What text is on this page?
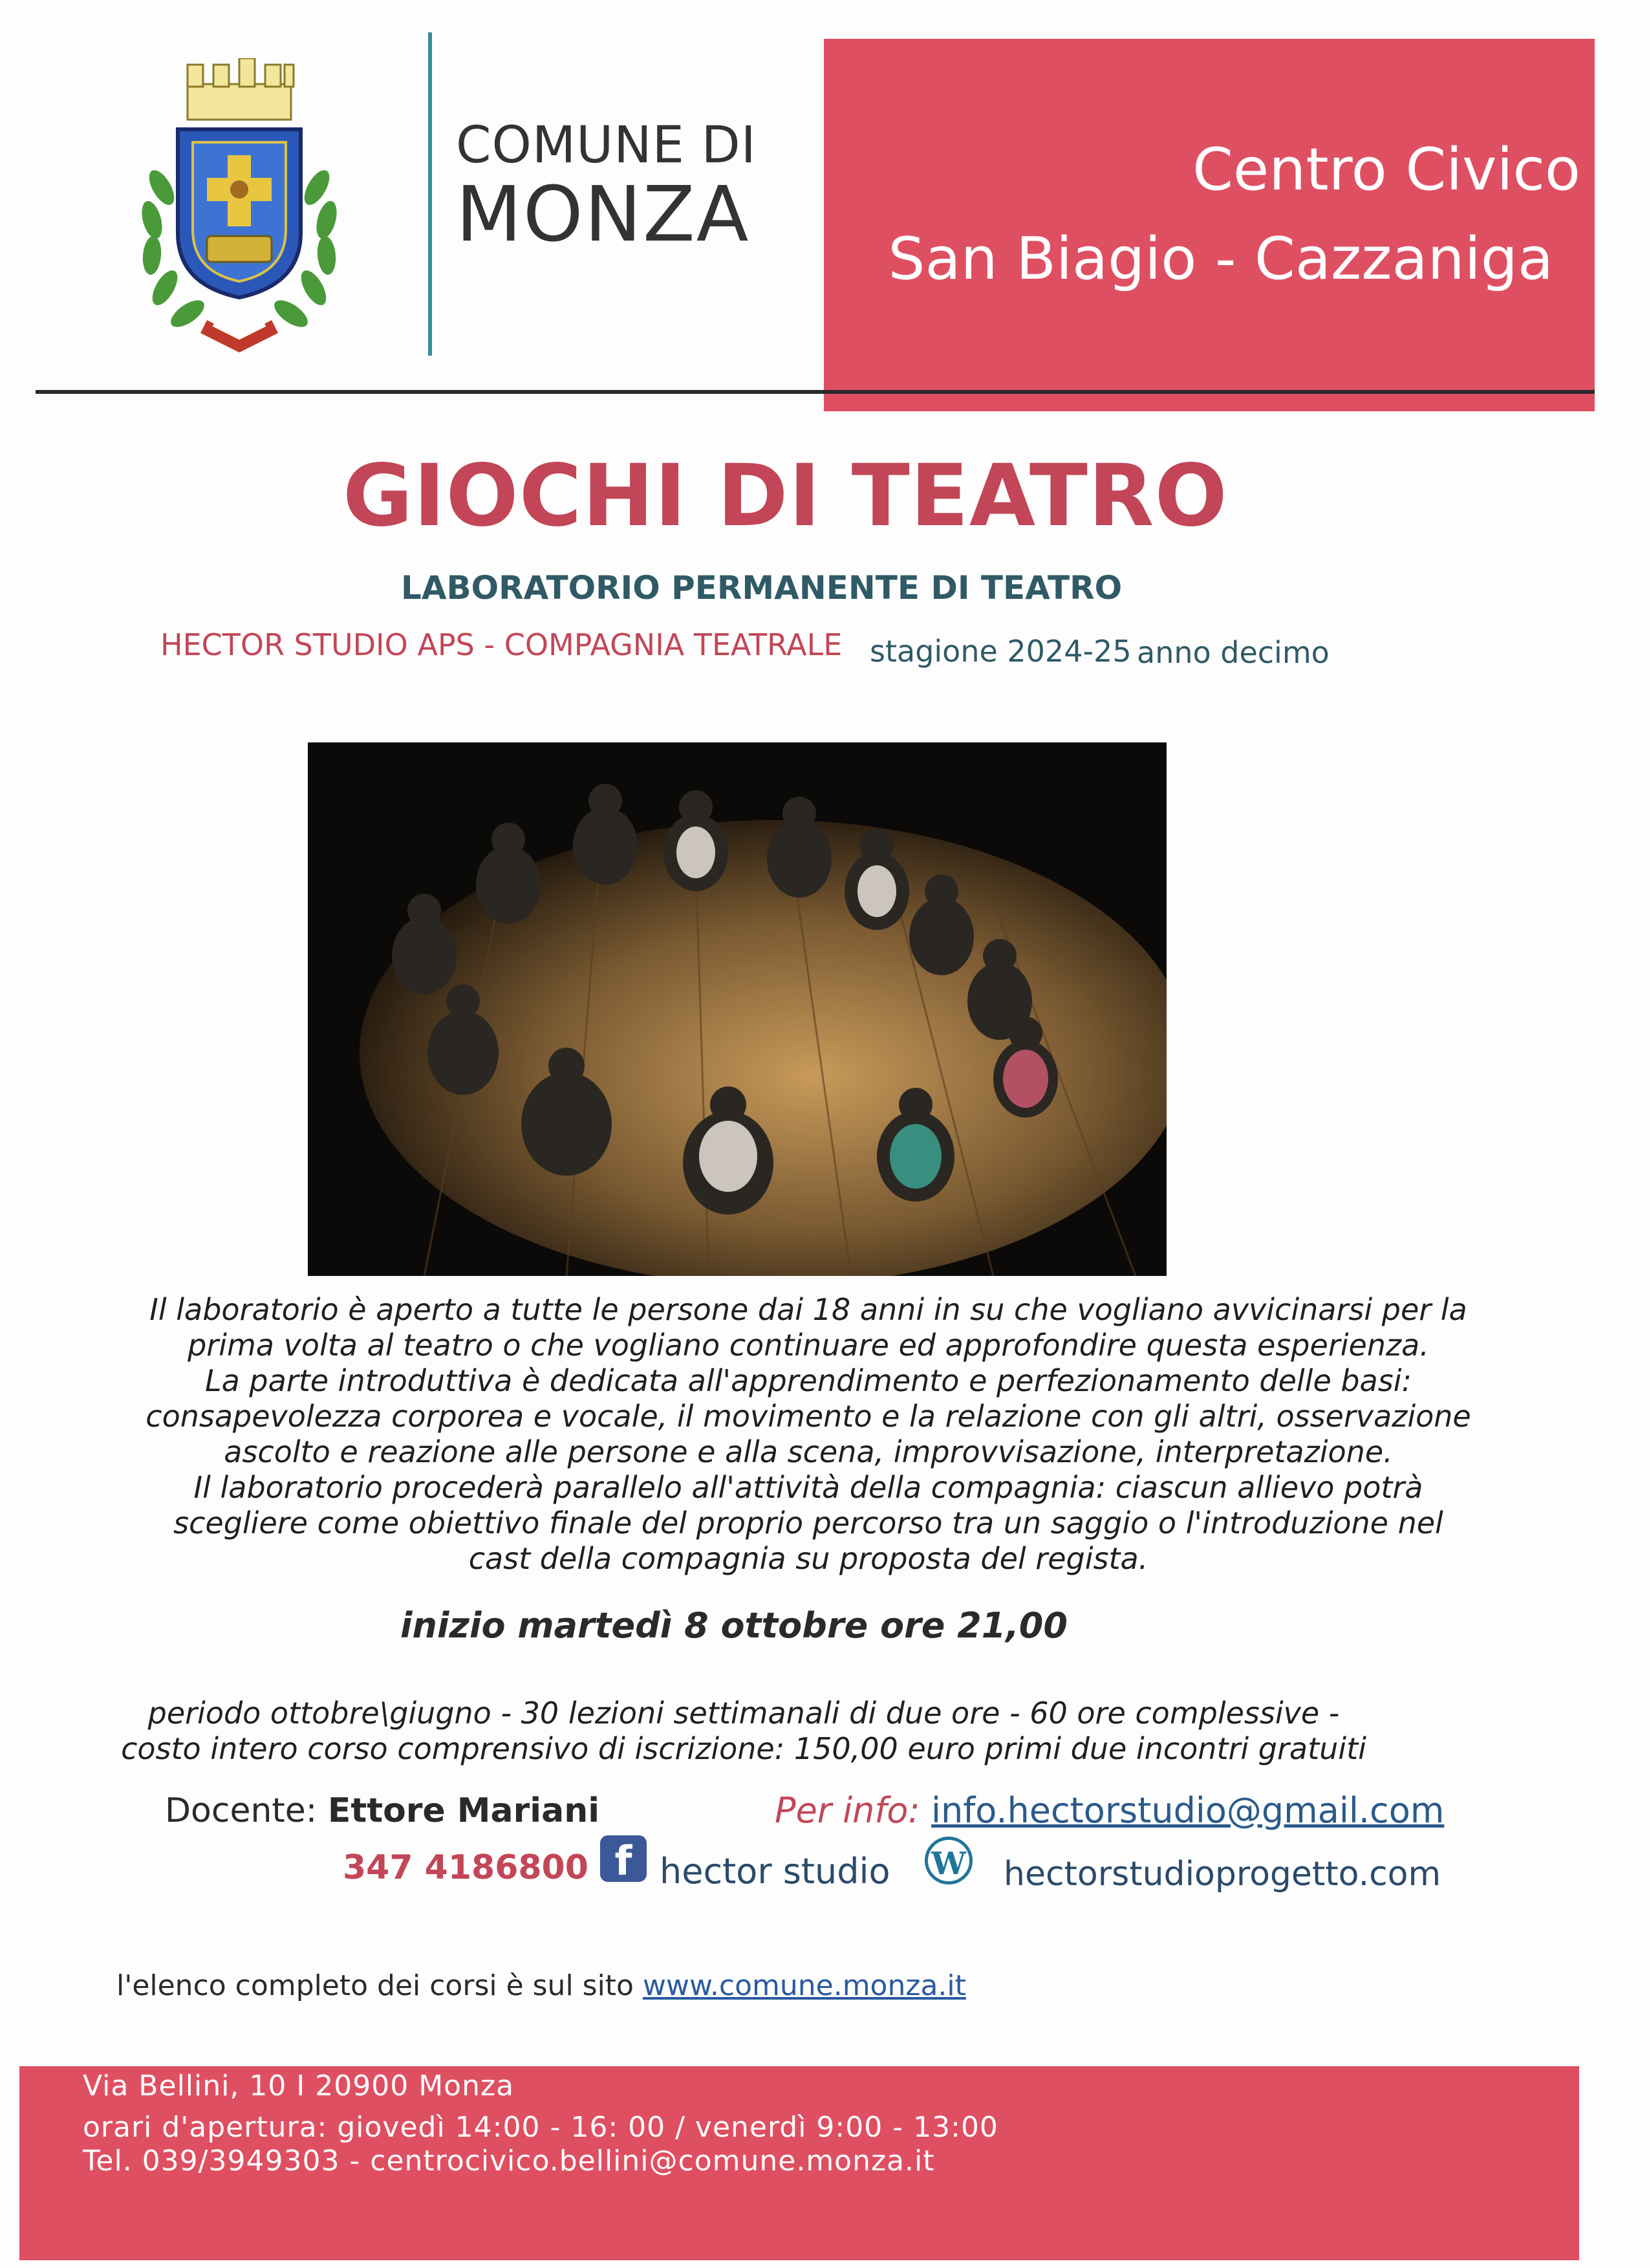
COMUNE DI
MONZA	Centro Civico
San Biagio - Cazzaniga
GIOCHI DI TEATRO
LABORATORIO PERMANENTE DI TEATRO
HECTOR STUDIO APS - COMPAGNIA TEATRALE stagione 2024-25 anno decimo
Il laboratorio è aperto a tutte le persone dai 18 anni in su che vogliano avvicinarsi per la
prima volta al teatro o che vogliano continuare ed approfondire questa esperienza.
La parte introduttiva è dedicata all'apprendimento e perfezionamento delle basi:
consapevolezza corporea e vocale, il movimento e la relazione con gli altri, osservazione
ascolto e reazione alle persone e alla scena, improvvisazione, interpretazione.
Il laboratorio procederà parallelo all'attività della compagnia: ciascun allievo potrà
scegliere come obiettivo finale del proprio percorso tra un saggio o l'introduzione nel
cast della compagnia su proposta del regista.
inizio martedì 8 ottobre ore 21,00
periodo ottobre\giugno - 30 lezioni settimanali di due ore - 60 ore complessive -
costo intero corso comprensivo di iscrizione: 150,00 euro primi due incontri gratuiti
Docente: Ettore Mariani	Per info: info.hectorstudio@gmail.com
347 4186800 f hector studio W hectorstudioprogetto.com
l'elenco completo dei corsi è sul sito www.comune.monza.it
Via Bellini, 10 I 20900 Monza
orari d'apertura: giovedì 14:00 - 16: 00 / venerdì 9:00 - 13:00
Tel. 039/3949303 - centrocivico.bellini@comune.monza.it
